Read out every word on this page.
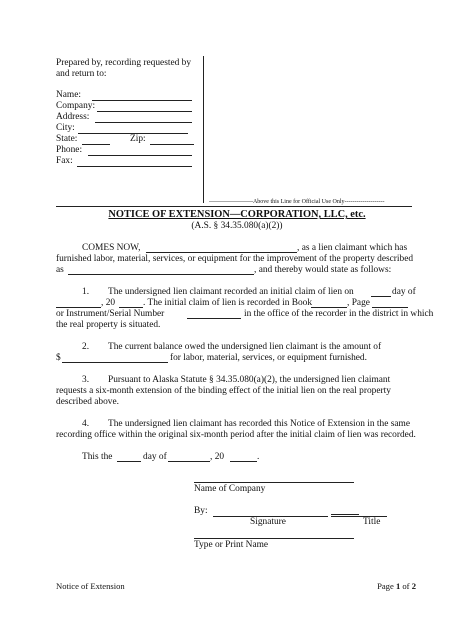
Prepared by, recording requested by
and return to:
Name:
Company:
Address:
City:
State:	Zip:
Phone:
Fax:
----------------------Above this Line for Official Use Only--------------------
NOTICE OF EXTENSION—CORPORATION, LLC, etc.
(A.S. § 34.35.080(a)(2))
COMES NOW,	, as a lien claimant which has
furnished labor, material, services, or equipment for the improvement of the property described
as	, and thereby would state as follows:
1. The undersigned lien claimant recorded an initial claim of lien on	day of
, 20	. The initial claim of lien is recorded in Book	, Page
or Instrument/Serial Number	in the office of the recorder in the district in which
the real property is situated.
2. The current balance owed the undersigned lien claimant is the amount of
$	for labor, material, services, or equipment furnished.
3. Pursuant to Alaska Statute § 34.35.080(a)(2), the undersigned lien claimant
requests a six-month extension of the binding effect of the initial lien on the real property
described above.
4. The undersigned lien claimant has recorded this Notice of Extension in the same
recording office within the original six-month period after the initial claim of lien was recorded.
This the	day of	, 20	.
Name of Company
By:
Signature	Title
Type or Print Name
Notice of Extension	Page 1 of 2
